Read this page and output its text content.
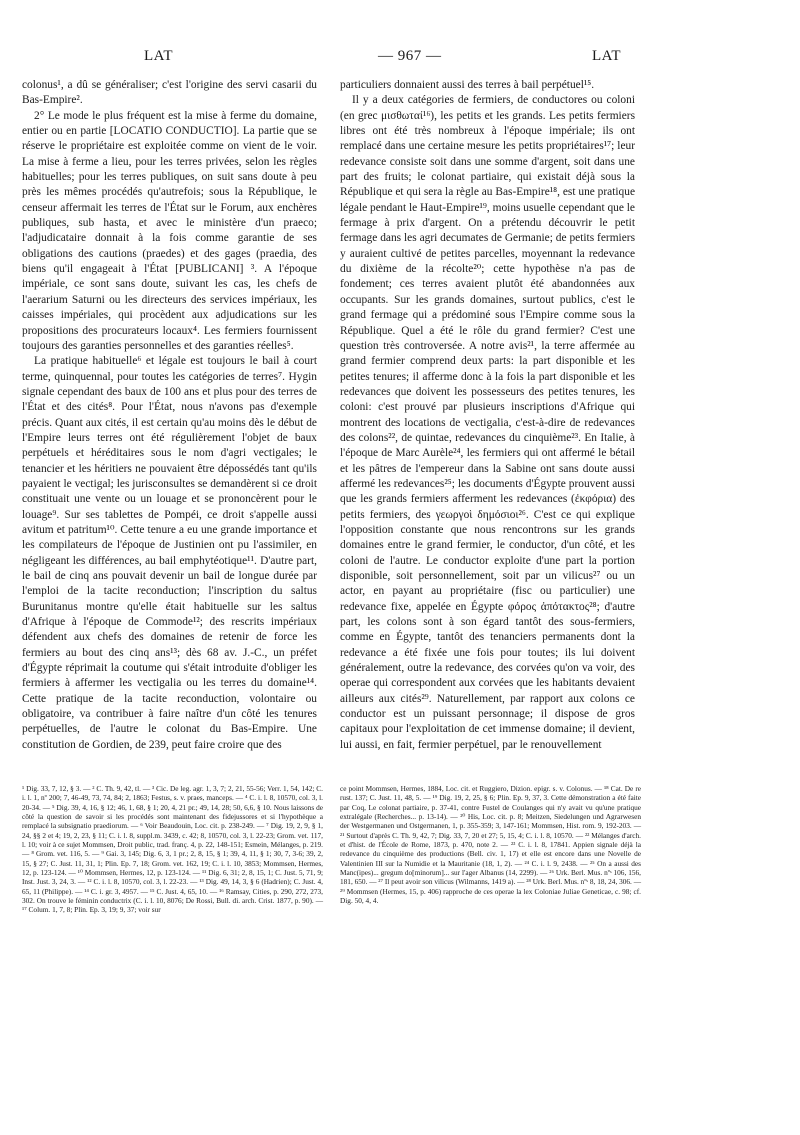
LAT	— 967 —	LAT

colonus¹, a dû se généraliser; c'est l'origine des servi casarii du Bas-Empire².

2° Le mode le plus fréquent est la mise à ferme du domaine, entier ou en partie [LOCATIO CONDUCTIO]. La partie que se réserve le propriétaire est exploitée comme on vient de le voir. La mise à ferme a lieu, pour les terres privées, selon les règles habituelles; pour les terres publiques, on suit sans doute à peu près les mêmes procédés qu'autrefois; sous la République, le censeur affermait les terres de l'État sur le Forum, aux enchères publiques, sub hasta, et avec le ministère d'un praeco; l'adjudicataire donnait à la fois comme garantie de ses obligations des cautions (praedes) et des gages (praedia, des biens qu'il engageait à l'État [PUBLICANI] ³. A l'époque impériale, ce sont sans doute, suivant les cas, les chefs de l'aerarium Saturni ou les directeurs des services impériaux, les caisses impériales, qui procèdent aux adjudications sur les propositions des procurateurs locaux⁴. Les fermiers fournissent toujours des garanties personnelles et des garanties réelles⁵.

La pratique habituelle⁶ et légale est toujours le bail à court terme, quinquennal, pour toutes les catégories de terres⁷. Hygin signale cependant des baux de 100 ans et plus pour des terres de l'État et des cités⁸. Pour l'État, nous n'avons pas d'exemple précis. Quant aux cités, il est certain qu'au moins dès le début de l'Empire leurs terres ont été régulièrement l'objet de baux perpétuels et héréditaires sous le nom d'agri vectigales; le tenancier et les héritiers ne pouvaient être dépossédés tant qu'ils payaient le vectigal; les jurisconsultes se demandèrent si ce droit constituait une vente ou un louage et se prononcèrent pour le louage⁹. Sur ses tablettes de Pompéi, ce droit s'appelle aussi avitum et patritum¹⁰. Cette tenure a eu une grande importance et les compilateurs de l'époque de Justinien ont pu l'assimiler, en négligeant les différences, au bail emphytéotique¹¹. D'autre part, le bail de cinq ans pouvait devenir un bail de longue durée par l'emploi de la tacite reconduction; l'inscription du saltus Burunitanus montre qu'elle était habituelle sur les saltus d'Afrique à l'époque de Commode¹²; des rescrits impériaux défendent aux chefs des domaines de retenir de force les fermiers au bout des cinq ans¹³; dès 68 av. J.-C., un préfet d'Égypte réprimait la coutume qui s'était introduite d'obliger les fermiers à affermer les vectigalia ou les terres du domaine¹⁴. Cette pratique de la tacite reconduction, volontaire ou obligatoire, va contribuer à faire naître d'un côté les tenures perpétuelles, de l'autre le colonat du Bas-Empire. Une constitution de Gordien, de 239, peut faire croire que des

particuliers donnaient aussi des terres à bail perpétuel¹⁵.

Il y a deux catégories de fermiers, de conductores ou coloni (en grec μισθωταί¹⁶), les petits et les grands. Les petits fermiers libres ont été très nombreux à l'époque impériale; ils ont remplacé dans une certaine mesure les petits propriétaires¹⁷; leur redevance consiste soit dans une somme d'argent, soit dans une part des fruits; le colonat partiaire, qui existait déjà sous la République et qui sera la règle au Bas-Empire¹⁸, est une pratique légale pendant le Haut-Empire¹⁹, moins usuelle cependant que le fermage à prix d'argent. On a prétendu découvrir le petit fermage dans les agri decumates de Germanie; de petits fermiers y auraient cultivé de petites parcelles, moyennant la redevance du dixième de la récolte²⁰; cette hypothèse n'a pas de fondement; ces terres avaient plutôt été abandonnées aux occupants. Sur les grands domaines, surtout publics, c'est le grand fermage qui a prédominé sous l'Empire comme sous la République. Quel a été le rôle du grand fermier? C'est une question très controversée. A notre avis²¹, la terre affermée au grand fermier comprend deux parts: la part disponible et les petites tenures; il afferme donc à la fois la part disponible et les redevances que doivent les possesseurs des petites tenures, les coloni: c'est prouvé par plusieurs inscriptions d'Afrique qui montrent des locations de vectigalia, c'est-à-dire de redevances des colons²², de quintae, redevances du cinquième²³. En Italie, à l'époque de Marc Aurèle²⁴, les fermiers qui ont affermé le bétail et les pâtres de l'empereur dans la Sabine ont sans doute aussi affermé les redevances²⁵; les documents d'Égypte prouvent aussi que les grands fermiers afferment les redevances (ἐκφόρια) des petits fermiers, des γεωργοὶ δημόσιοι²⁶. C'est ce qui explique l'opposition constante que nous rencontrons sur les grands domaines entre le grand fermier, le conductor, d'un côté, et les coloni de l'autre. Le conductor exploite d'une part la portion disponible, soit personnellement, soit par un vilicus²⁷ ou un actor, en payant au propriétaire (fisc ou particulier) une redevance fixe, appelée en Égypte φόρος ἀπότακτος²⁸; d'autre part, les colons sont à son égard tantôt des sous-fermiers, comme en Égypte, tantôt des tenanciers permanents dont la redevance a été fixée une fois pour toutes; ils lui doivent généralement, outre la redevance, des corvées qu'on va voir, des operae qui correspondent aux corvées que les habitants devaient ailleurs aux cités²⁹. Naturellement, par rapport aux colons ce conductor est un puissant personnage; il dispose de gros capitaux pour l'exploitation de cet immense domaine; il devient, lui aussi, en fait, fermier perpétuel, par le renouvellement

¹ Dig. 33, 7, 12, § 3. — ² C. Th. 9, 42, tl. — ³ Cic. De leg. agr. 1, 3, 7; 2, 21, 55-56; Verr. 1, 54, 142; C. i. l. 1, nº 200; 7, 46-49, 73, 74, 84; 2, 1863; Festus, s. v. praes, manceps. — ⁴ C. i. l. 8, 10570, col. 3, l. 20-34. — ⁵ Dig. 39, 4, 16, § 12; 46, 1, 68, § 1; 20, 4, 21 pr.; 49, 14, 28; 50, 6,6, § 10. Nous laissons de côté la question de savoir si les procédés sont maintenant des fidejussores et si l'hypothèque a remplacé la subsignatio praediorum. — ⁶ Voir Beaudouin, Loc. cit. p. 238-249. — ⁷ Dig. 19, 2, 9, § 1, 24, §§ 2 et 4; 19, 2, 23, § 11; C. i. l. 8, suppl.m. 3439, c. 42; 8, 10570, col. 3, l. 22-23; Grom. vet. 117, l. 10; voir à ce sujet Mommsen, Droit public, trad. franç. 4, p. 22, 148-151; Esmein, Mélanges, p. 219. — ⁸ Grom. vet. 116, 5. — ⁹ Gai. 3, 145; Dig. 6, 3, 1 pr.; 2, 8, 15, § 1; 39, 4, 11, § 1; 30, 7, 3-6; 39, 2, 15, § 27; C. Just. 11, 31, 1; Plin. Ep. 7, 18; Grom. vet. 162, 19; C. i. l. 10, 3853; Mommsen, Hermes, 12, p. 123-124. — ¹⁰ Mommsen, Hermes, 12, p. 123-124. — ¹¹ Dig. 6, 31; 2, 8, 15, 1; C. Just. 5, 71, 9; Inst. Just. 3, 24, 3. — ¹² C. i. l. 8, 10570, col. 3, l. 22-23. — ¹³ Dig. 49, 14, 3, § 6 (Hadrien); C. Just. 4, 65, 11 (Philippe). — ¹⁴ C. i. gr. 3, 4957. — ¹⁵ C. Just. 4, 65, 10. — ¹⁶ Ramsay, Cities, p. 290, 272, 273, 302. On trouve le féminin conductrix (C. i. l. 10, 8076; De Rossi, Bull. di. arch. Crist. 1877, p. 90). — ¹⁷ Colum. 1, 7, 8; Plin. Ep. 3, 19; 9, 37; voir sur

ce point Mommsen, Hermes, 1884, Loc. cit. et Ruggiero, Dizion. epigr. s. v. Colonus. — ¹⁸ Cat. De re rust. 137; C. Just. 11, 48, 5. — ¹⁹ Dig. 19, 2, 25, § 6; Plin. Ep. 9, 37, 3. Cette démonstration a été faite par Coq, Le colonat partiaire, p. 37-41, contre Fustel de Coulanges qui n'y avait vu qu'une pratique extralégale (Recherches... p. 13-14). — ²⁰ His, Loc. cit. p. 8; Meitzen, Siedelungen und Agrarwesen der Westgermanen und Ostgermanen, 1, p. 355-359; 3, 147-161; Mommsen, Hist. rom. 9, 192-203. — ²¹ Surtout d'après C. Th. 9, 42, 7; Dig. 33, 7, 20 et 27; 5, 15, 4; C. i. l. 8, 10570. — ²² Mélanges d'arch. et d'hist. de l'École de Rome, 1873, p. 470, note 2. — ²³ C. i. l. 8, 17841. Appien signale déjà la redevance du cinquième des productions (Bell. civ. 1, 17) et elle est encore dans une Novelle de Valentinien III sur la Numidie et la Mauritanie (18, 1, 2). — ²⁴ C. i. l. 9, 2438. — ²⁵ On a aussi des Manc(ipes)... gregum do[minorum]... sur l'ager Albanus (14, 2299). — ²⁶ Urk. Berl. Mus. nºˢ 106, 156, 181, 650. — ²⁷ Il peut avoir son vilicus (Wilmanns, 1419 a). — ²⁸ Urk. Berl. Mus. nºˢ 8, 18, 24, 306. — ²⁹ Mommsen (Hermes, 15, p. 406) rapproche de ces operae la lex Coloniae Juliae Geneticae, c. 98; cf. Dig. 50, 4, 4.
